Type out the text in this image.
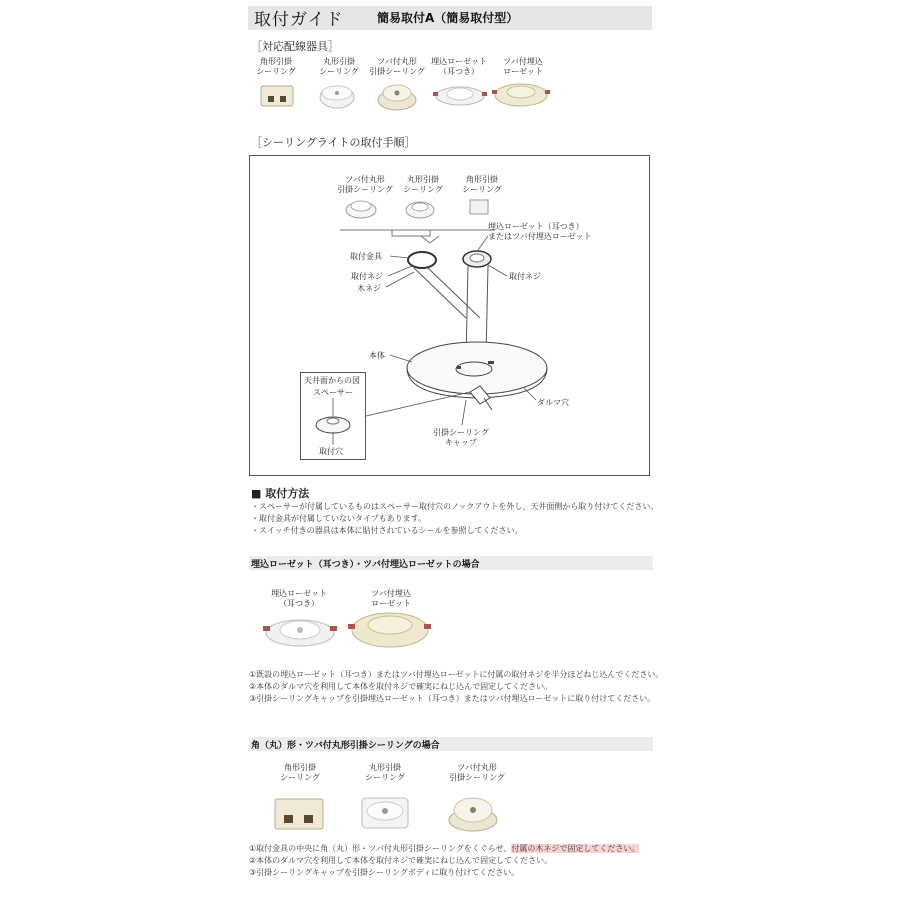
取付ガイド	簡易取付A（簡易取付型）
［対応配線器具］
角形引掛
シーリング
丸形引掛
シーリング
ツバ付丸形
引掛シーリング
埋込ローゼット
（耳つき）
ツバ付埋込
ローゼット
［シーリングライトの取付手順］
ツバ付丸形
引掛シーリング
丸形引掛
シーリング
角形引掛
シーリング
埋込ローゼット（耳つき）
またはツバ付埋込ローゼット
取付金具
取付ネジ
木ネジ
取付ネジ
本体
ダルマ穴
引掛シーリング
キャップ
天井面からの図
スペーサー
取付穴
■ 取付方法
・スペーサーが付属しているものはスペーサー取付穴のノックアウトを外し、天井面側から取り付けてください。
・取付金具が付属していないタイプもあります。
・スイッチ付きの器具は本体に貼付されているシールを参照してください。
埋込ローゼット（耳つき）・ツバ付埋込ローゼットの場合
埋込ローゼット
（耳つき）
ツバ付埋込
ローゼット
①既設の埋込ローゼット（耳つき）またはツバ付埋込ローゼットに付属の取付ネジを半分ほどねじ込んでください。
②本体のダルマ穴を利用して本体を取付ネジで確実にねじ込んで固定してください。
③引掛シーリングキャップを引掛埋込ローゼット（耳つき）またはツバ付埋込ローゼットに取り付けてください。
角（丸）形・ツバ付丸形引掛シーリングの場合
角形引掛
シーリング
丸形引掛
シーリング
ツバ付丸形
引掛シーリング
①取付金具の中央に角（丸）形・ツバ付丸形引掛シーリングをくぐらせ、付属の木ネジで固定してください。
②本体のダルマ穴を利用して本体を取付ネジで確実にねじ込んで固定してください。
③引掛シーリングキャップを引掛シーリングボディに取り付けてください。
